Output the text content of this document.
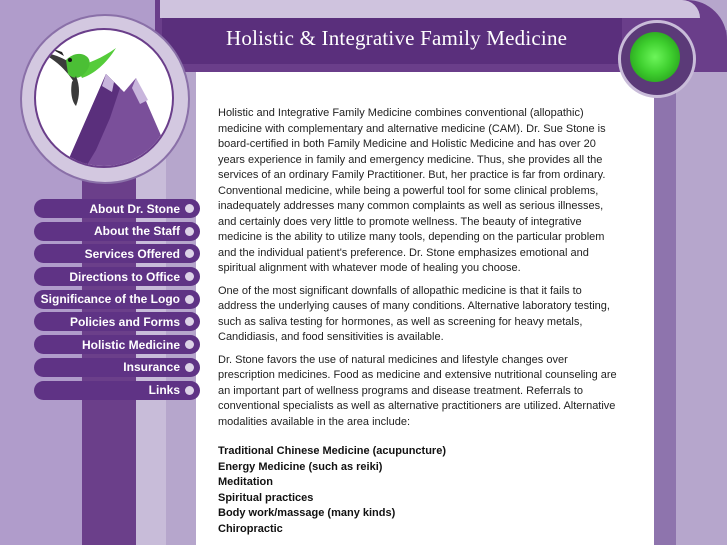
Holistic & Integrative Family Medicine
About Dr. Stone
About the Staff
Services Offered
Directions to Office
Significance of the Logo
Policies and Forms
Holistic Medicine
Insurance
Links

Holistic and Integrative Family Medicine combines conventional (allopathic) medicine with complementary and alternative medicine (CAM). Dr. Sue Stone is board-certified in both Family Medicine and Holistic Medicine and has over 20 years experience in family and emergency medicine. Thus, she provides all the services of an ordinary Family Practitioner. But, her practice is far from ordinary. Conventional medicine, while being a powerful tool for some clinical problems, inadequately addresses many common complaints as well as serious illnesses, and certainly does very little to promote wellness. The beauty of integrative medicine is the ability to utilize many tools, depending on the particular problem and the individual patient's preference. Dr. Stone emphasizes emotional and spiritual alignment with whatever mode of healing you choose.

One of the most significant downfalls of allopathic medicine is that it fails to address the underlying causes of many conditions. Alternative laboratory testing, such as saliva testing for hormones, as well as screening for heavy metals, Candidiasis, and food sensitivities is available.

Dr. Stone favors the use of natural medicines and lifestyle changes over prescription medicines. Food as medicine and extensive nutritional counseling are an important part of wellness programs and disease treatment. Referrals to conventional specialists as well as alternative practitioners are utilized. Alternative modalities available in the area include:

Traditional Chinese Medicine (acupuncture)
Energy Medicine (such as reiki)
Meditation
Spiritual practices
Body work/massage (many kinds)
Chiropractic
